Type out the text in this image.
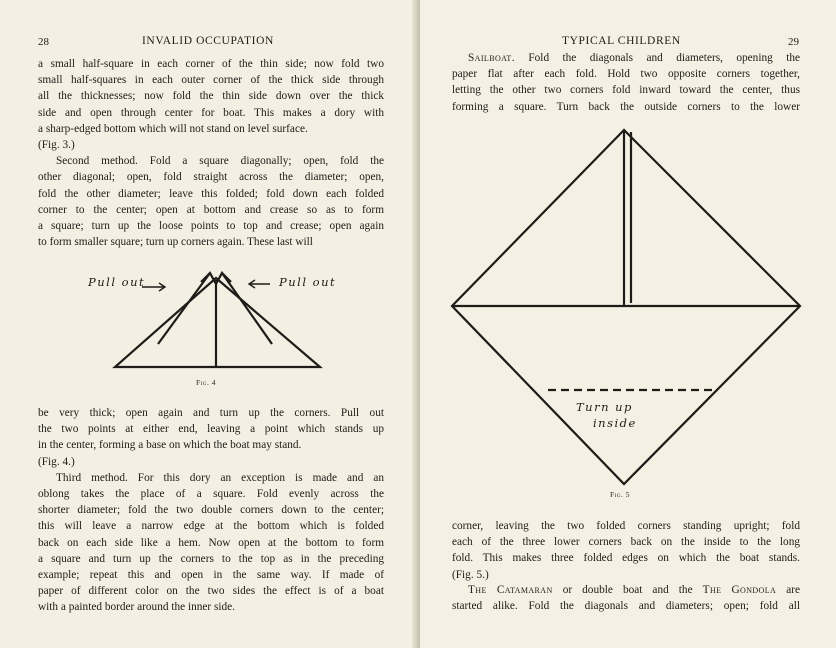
28	INVALID OCCUPATION
a small half-square in each corner of the thin side; now fold two
small half-squares in each outer corner of the thick side through
all the thicknesses; now fold the thin side down over the thick
side and open through center for boat. This makes a dory with
a sharp-edged bottom which will not stand on level surface.
(Fig. 3.)
Second method. Fold a square diagonally; open, fold the
other diagonal; open, fold straight across the diameter; open,
fold the other diameter; leave this folded; fold down each folded
corner to the center; open at bottom and crease so as to form
a square; turn up the loose points to top and crease; open again
to form smaller square; turn up corners again. These last will
Pull out	Pull out
Fig. 4
be very thick; open again and turn up the corners. Pull out
the two points at either end, leaving a point which stands up
in the center, forming a base on which the boat may stand.
(Fig. 4.)
Third method. For this dory an exception is made and an
oblong takes the place of a square. Fold evenly across the
shorter diameter; fold the two double corners down to the center;
this will leave a narrow edge at the bottom which is folded
back on each side like a hem. Now open at the bottom to form
a square and turn up the corners to the top as in the preceding
example; repeat this and open in the same way. If made of
paper of different color on the two sides the effect is of a boat
with a painted border around the inner side.
TYPICAL CHILDREN	29
Sailboat. Fold the diagonals and diameters, opening the
paper flat after each fold. Hold two opposite corners together,
letting the other two corners fold inward toward the center, thus
forming a square. Turn back the outside corners to the lower
Turn up
inside
Fig. 5
corner, leaving the two folded corners standing upright; fold
each of the three lower corners back on the inside to the long
fold. This makes three folded edges on which the boat stands.
(Fig. 5.)
The Catamaran or double boat and the The Gondola are
started alike. Fold the diagonals and diameters; open; fold all
